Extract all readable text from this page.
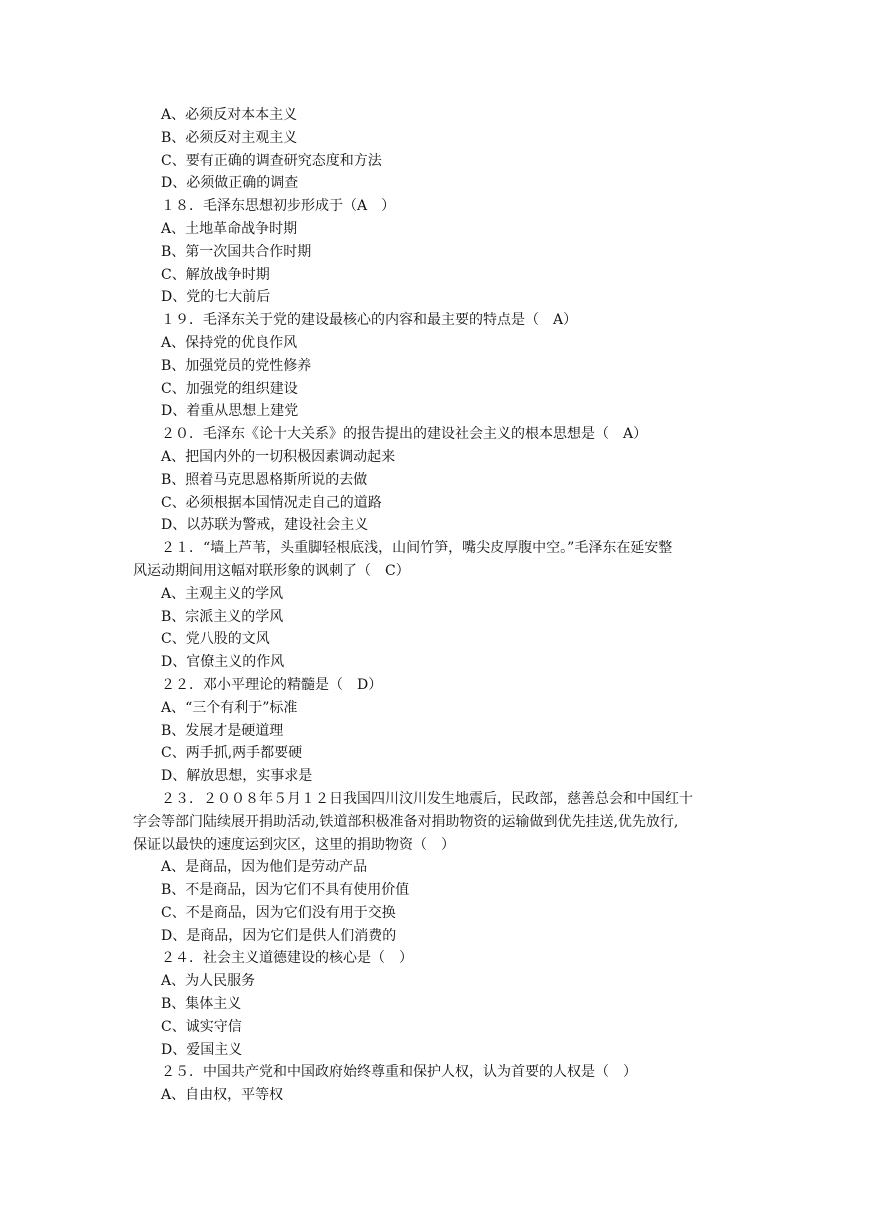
A、必须反对本本主义
B、必须反对主观主义
C、要有正确的调查研究态度和方法
D、必须做正确的调查
１８．毛泽东思想初步形成于（A　）
A、土地革命战争时期
B、第一次国共合作时期
C、解放战争时期
D、党的七大前后
１９．毛泽东关于党的建设最核心的内容和最主要的特点是（　A）
A、保持党的优良作风
B、加强党员的党性修养
C、加强党的组织建设
D、着重从思想上建党
２０．毛泽东《论十大关系》的报告提出的建设社会主义的根本思想是（　A）
A、把国内外的一切积极因素调动起来
B、照着马克思恩格斯所说的去做
C、必须根据本国情况走自己的道路
D、以苏联为警戒，建设社会主义
２１．“墙上芦苇，头重脚轻根底浅，山间竹笋，嘴尖皮厚腹中空。”毛泽东在延安整
风运动期间用这幅对联形象的讽刺了（　C）
A、主观主义的学风
B、宗派主义的学风
C、党八股的文风
D、官僚主义的作风
２２．邓小平理论的精髓是（　D）
A、“三个有利于”标准
B、发展才是硬道理
C、两手抓,两手都要硬
D、解放思想，实事求是
２３．２００８年５月１２日我国四川汶川发生地震后，民政部，慈善总会和中国红十
字会等部门陆续展开捐助活动,铁道部积极准备对捐助物资的运输做到优先挂送,优先放行,
保证以最快的速度运到灾区，这里的捐助物资（　）
A、是商品，因为他们是劳动产品
B、不是商品，因为它们不具有使用价值
C、不是商品，因为它们没有用于交换
D、是商品，因为它们是供人们消费的
２４．社会主义道德建设的核心是（　）
A、为人民服务
B、集体主义
C、诚实守信
D、爱国主义
２５．中国共产党和中国政府始终尊重和保护人权，认为首要的人权是（　）
A、自由权，平等权
